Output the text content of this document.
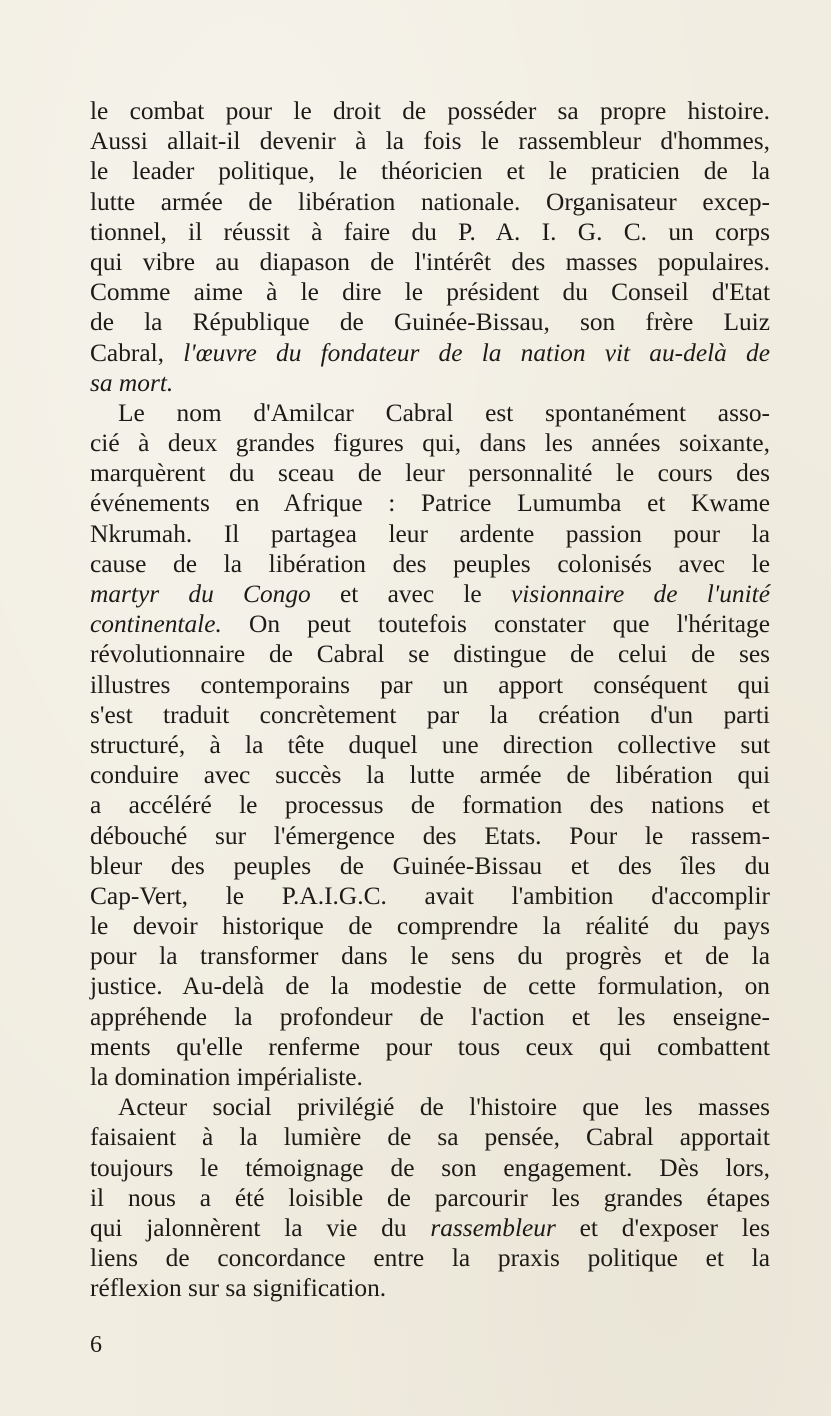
le combat pour le droit de posséder sa propre histoire.
Aussi allait-il devenir à la fois le rassembleur d'hommes,
le leader politique, le théoricien et le praticien de la
lutte armée de libération nationale. Organisateur excep-
tionnel, il réussit à faire du P. A. I. G. C. un corps
qui vibre au diapason de l'intérêt des masses populaires.
Comme aime à le dire le président du Conseil d'Etat
de la République de Guinée-Bissau, son frère Luiz
Cabral, l'œuvre du fondateur de la nation vit au-delà de
sa mort.
Le nom d'Amilcar Cabral est spontanément asso-
cié à deux grandes figures qui, dans les années soixante,
marquèrent du sceau de leur personnalité le cours des
événements en Afrique : Patrice Lumumba et Kwame
Nkrumah. Il partagea leur ardente passion pour la
cause de la libération des peuples colonisés avec le
martyr du Congo et avec le visionnaire de l'unité
continentale. On peut toutefois constater que l'héritage
révolutionnaire de Cabral se distingue de celui de ses
illustres contemporains par un apport conséquent qui
s'est traduit concrètement par la création d'un parti
structuré, à la tête duquel une direction collective sut
conduire avec succès la lutte armée de libération qui
a accéléré le processus de formation des nations et
débouché sur l'émergence des Etats. Pour le rassem-
bleur des peuples de Guinée-Bissau et des îles du
Cap-Vert, le P.A.I.G.C. avait l'ambition d'accomplir
le devoir historique de comprendre la réalité du pays
pour la transformer dans le sens du progrès et de la
justice. Au-delà de la modestie de cette formulation, on
appréhende la profondeur de l'action et les enseigne-
ments qu'elle renferme pour tous ceux qui combattent
la domination impérialiste.
Acteur social privilégié de l'histoire que les masses
faisaient à la lumière de sa pensée, Cabral apportait
toujours le témoignage de son engagement. Dès lors,
il nous a été loisible de parcourir les grandes étapes
qui jalonnèrent la vie du rassembleur et d'exposer les
liens de concordance entre la praxis politique et la
réflexion sur sa signification.
6
